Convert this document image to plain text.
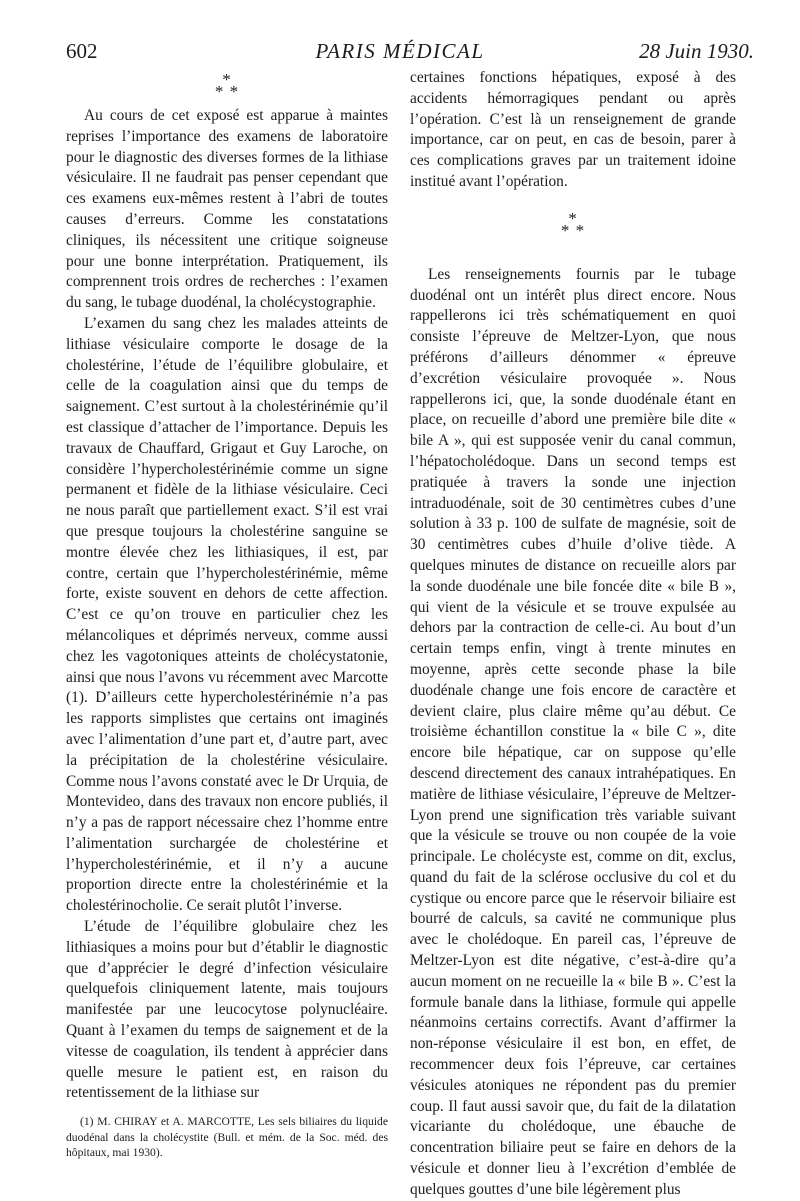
602	PARIS MÉDICAL	28 Juin 1930.
*
* *

Au cours de cet exposé est apparue à maintes reprises l’importance des examens de laboratoire pour le diagnostic des diverses formes de la lithiase vésiculaire. Il ne faudrait pas penser cependant que ces examens eux-mêmes restent à l’abri de toutes causes d’erreurs. Comme les constatations cliniques, ils nécessitent une critique soigneuse pour une bonne interprétation. Pratiquement, ils comprennent trois ordres de recherches : l’examen du sang, le tubage duodénal, la cholécystographie.

L’examen du sang chez les malades atteints de lithiase vésiculaire comporte le dosage de la cholestérine, l’étude de l’équilibre globulaire, et celle de la coagulation ainsi que du temps de saignement. C’est surtout à la cholestérinémie qu’il est classique d’attacher de l’importance. Depuis les travaux de Chauffard, Grigaut et Guy Laroche, on considère l’hypercholestérinémie comme un signe permanent et fidèle de la lithiase vésiculaire. Ceci ne nous paraît que partiellement exact. S’il est vrai que presque toujours la cholestérine sanguine se montre élevée chez les lithiasiques, il est, par contre, certain que l’hypercholestérinémie, même forte, existe souvent en dehors de cette affection. C’est ce qu’on trouve en particulier chez les mélancoliques et déprimés nerveux, comme aussi chez les vagotoniques atteints de cholécystatonie, ainsi que nous l’avons vu récemment avec Marcotte (1). D’ailleurs cette hypercholestérinémie n’a pas les rapports simplistes que certains ont imaginés avec l’alimentation d’une part et, d’autre part, avec la précipitation de la cholestérine vésiculaire. Comme nous l’avons constaté avec le Dr Urquia, de Montevideo, dans des travaux non encore publiés, il n’y a pas de rapport nécessaire chez l’homme entre l’alimentation surchargée de cholestérine et l’hypercholestérinémie, et il n’y a aucune proportion directe entre la cholestérinémie et la cholestérinocholie. Ce serait plutôt l’inverse.

L’étude de l’équilibre globulaire chez les lithiasiques a moins pour but d’établir le diagnostic que d’apprécier le degré d’infection vésiculaire quelquefois cliniquement latente, mais toujours manifestée par une leucocytose polynucléaire. Quant à l’examen du temps de saignement et de la vitesse de coagulation, ils tendent à apprécier dans quelle mesure le patient est, en raison du retentissement de la lithiase sur

(1) M. CHIRAY et A. MARCOTTE, Les sels biliaires du liquide duodénal dans la cholécystite (Bull. et mém. de la Soc. méd. des hôpitaux, mai 1930).

certaines fonctions hépatiques, exposé à des accidents hémorragiques pendant ou après l’opération. C’est là un renseignement de grande importance, car on peut, en cas de besoin, parer à ces complications graves par un traitement idoine institué avant l’opération.

*
* *

Les renseignements fournis par le tubage duodénal ont un intérêt plus direct encore. Nous rappellerons ici très schématiquement en quoi consiste l’épreuve de Meltzer-Lyon, que nous préférons d’ailleurs dénommer « épreuve d’excrétion vésiculaire provoquée ». Nous rappellerons ici, que, la sonde duodénale étant en place, on recueille d’abord une première bile dite « bile A », qui est supposée venir du canal commun, l’hépatocholédoque. Dans un second temps est pratiquée à travers la sonde une injection intraduodénale, soit de 30 centimètres cubes d’une solution à 33 p. 100 de sulfate de magnésie, soit de 30 centimètres cubes d’huile d’olive tiède. A quelques minutes de distance on recueille alors par la sonde duodénale une bile foncée dite « bile B », qui vient de la vésicule et se trouve expulsée au dehors par la contraction de celle-ci. Au bout d’un certain temps enfin, vingt à trente minutes en moyenne, après cette seconde phase la bile duodénale change une fois encore de caractère et devient claire, plus claire même qu’au début. Ce troisième échantillon constitue la « bile C », dite encore bile hépatique, car on suppose qu’elle descend directement des canaux intrahépatiques. En matière de lithiase vésiculaire, l’épreuve de Meltzer-Lyon prend une signification très variable suivant que la vésicule se trouve ou non coupée de la voie principale. Le cholécyste est, comme on dit, exclus, quand du fait de la sclérose occlusive du col et du cystique ou encore parce que le réservoir biliaire est bourré de calculs, sa cavité ne communique plus avec le cholédoque. En pareil cas, l’épreuve de Meltzer-Lyon est dite négative, c’est-à-dire qu’a aucun moment on ne recueille la « bile B ». C’est la formule banale dans la lithiase, formule qui appelle néanmoins certains correctifs. Avant d’affirmer la non-réponse vésiculaire il est bon, en effet, de recommencer deux fois l’épreuve, car certaines vésicules atoniques ne répondent pas du premier coup. Il faut aussi savoir que, du fait de la dilatation vicariante du cholédoque, une ébauche de concentration biliaire peut se faire en dehors de la vésicule et donner lieu à l’excrétion d’emblée de quelques gouttes d’une bile légèrement plus
